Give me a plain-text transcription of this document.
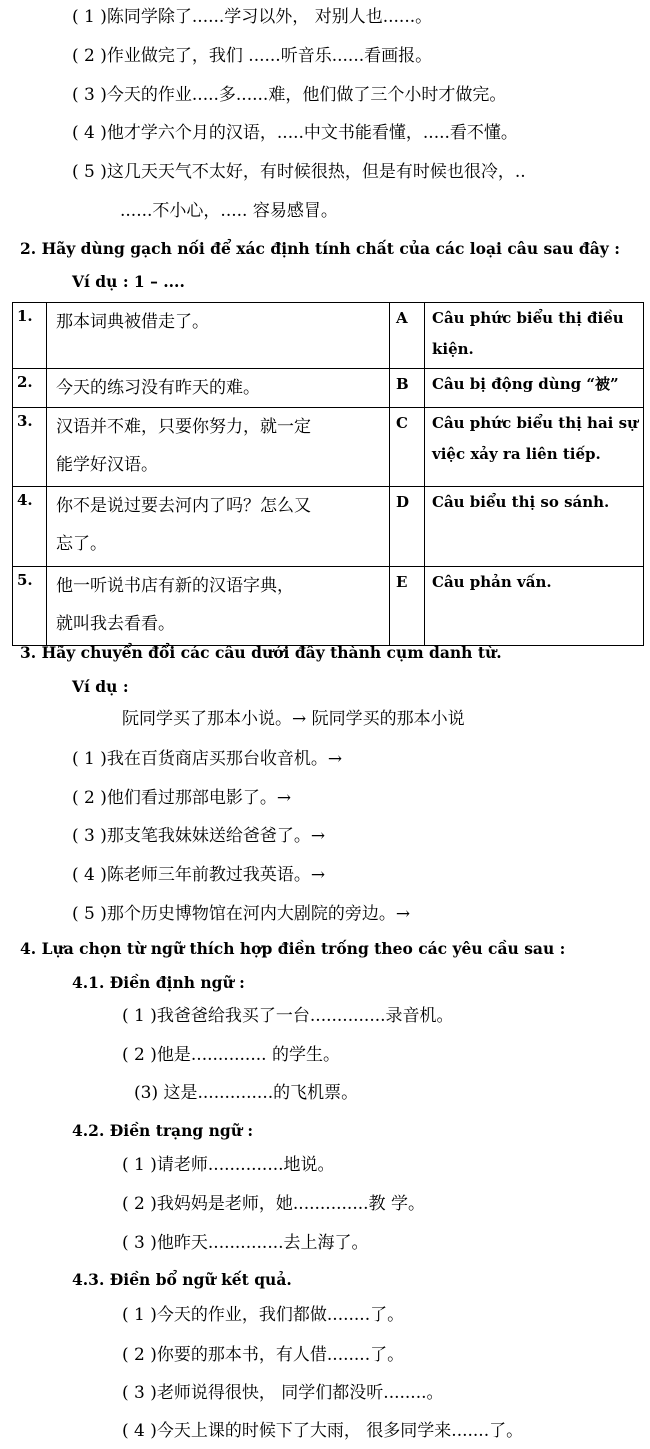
( 1 )陈同学除了......学习以外， 对别人也......。
( 2 )作业做完了，我们 ......听音乐......看画报。
( 3 )今天的作业.....多......难，他们做了三个小时才做完。
( 4 )他才学六个月的汉语，.....中文书能看懂，.....看不懂。
( 5 )这几天天气不太好，有时候很热，但是有时候也很冷，..
......不小心，..... 容易感冒。
2. Hãy dùng gạch nối để xác định tính chất của các loại câu sau đây :
Ví dụ : 1 – ....
1.	那本词典被借走了。	A	Câu phức biểu thị điều
kiện.

2.	今天的练习没有昨天的难。	B	Câu bị động dùng “被”

3.	汉语并不难，只要你努力，就一定
能学好汉语。	C	Câu phức biểu thị hai sự
việc xảy ra liên tiếp.

4.	你不是说过要去河内了吗？怎么又
忘了。	D	Câu biểu thị so sánh.

5.	他一听说书店有新的汉语字典，
就叫我去看看。	E	Câu phản vấn.
3. Hãy chuyển đổi các câu dưới đây thành cụm danh từ.
Ví dụ :
阮同学买了那本小说。→ 阮同学买的那本小说
( 1 )我在百货商店买那台收音机。→
( 2 )他们看过那部电影了。→
( 3 )那支笔我妹妹送给爸爸了。→
( 4 )陈老师三年前教过我英语。→
( 5 )那个历史博物馆在河内大剧院的旁边。→
4. Lựa chọn từ ngữ thích hợp điền trống theo các yêu cầu sau :
4.1. Điền định ngữ :
( 1 )我爸爸给我买了一台..............录音机。
( 2 )他是.............. 的学生。
(3) 这是..............的飞机票。
4.2. Điền trạng ngữ :
( 1 )请老师..............地说。
( 2 )我妈妈是老师，她..............教 学。
( 3 )他昨天..............去上海了。
4.3. Điền bổ ngữ kết quả.
( 1 )今天的作业，我们都做........了。
( 2 )你要的那本书，有人借........了。
( 3 )老师说得很快， 同学们都没听........。
( 4 )今天上课的时候下了大雨， 很多同学来.......了。
